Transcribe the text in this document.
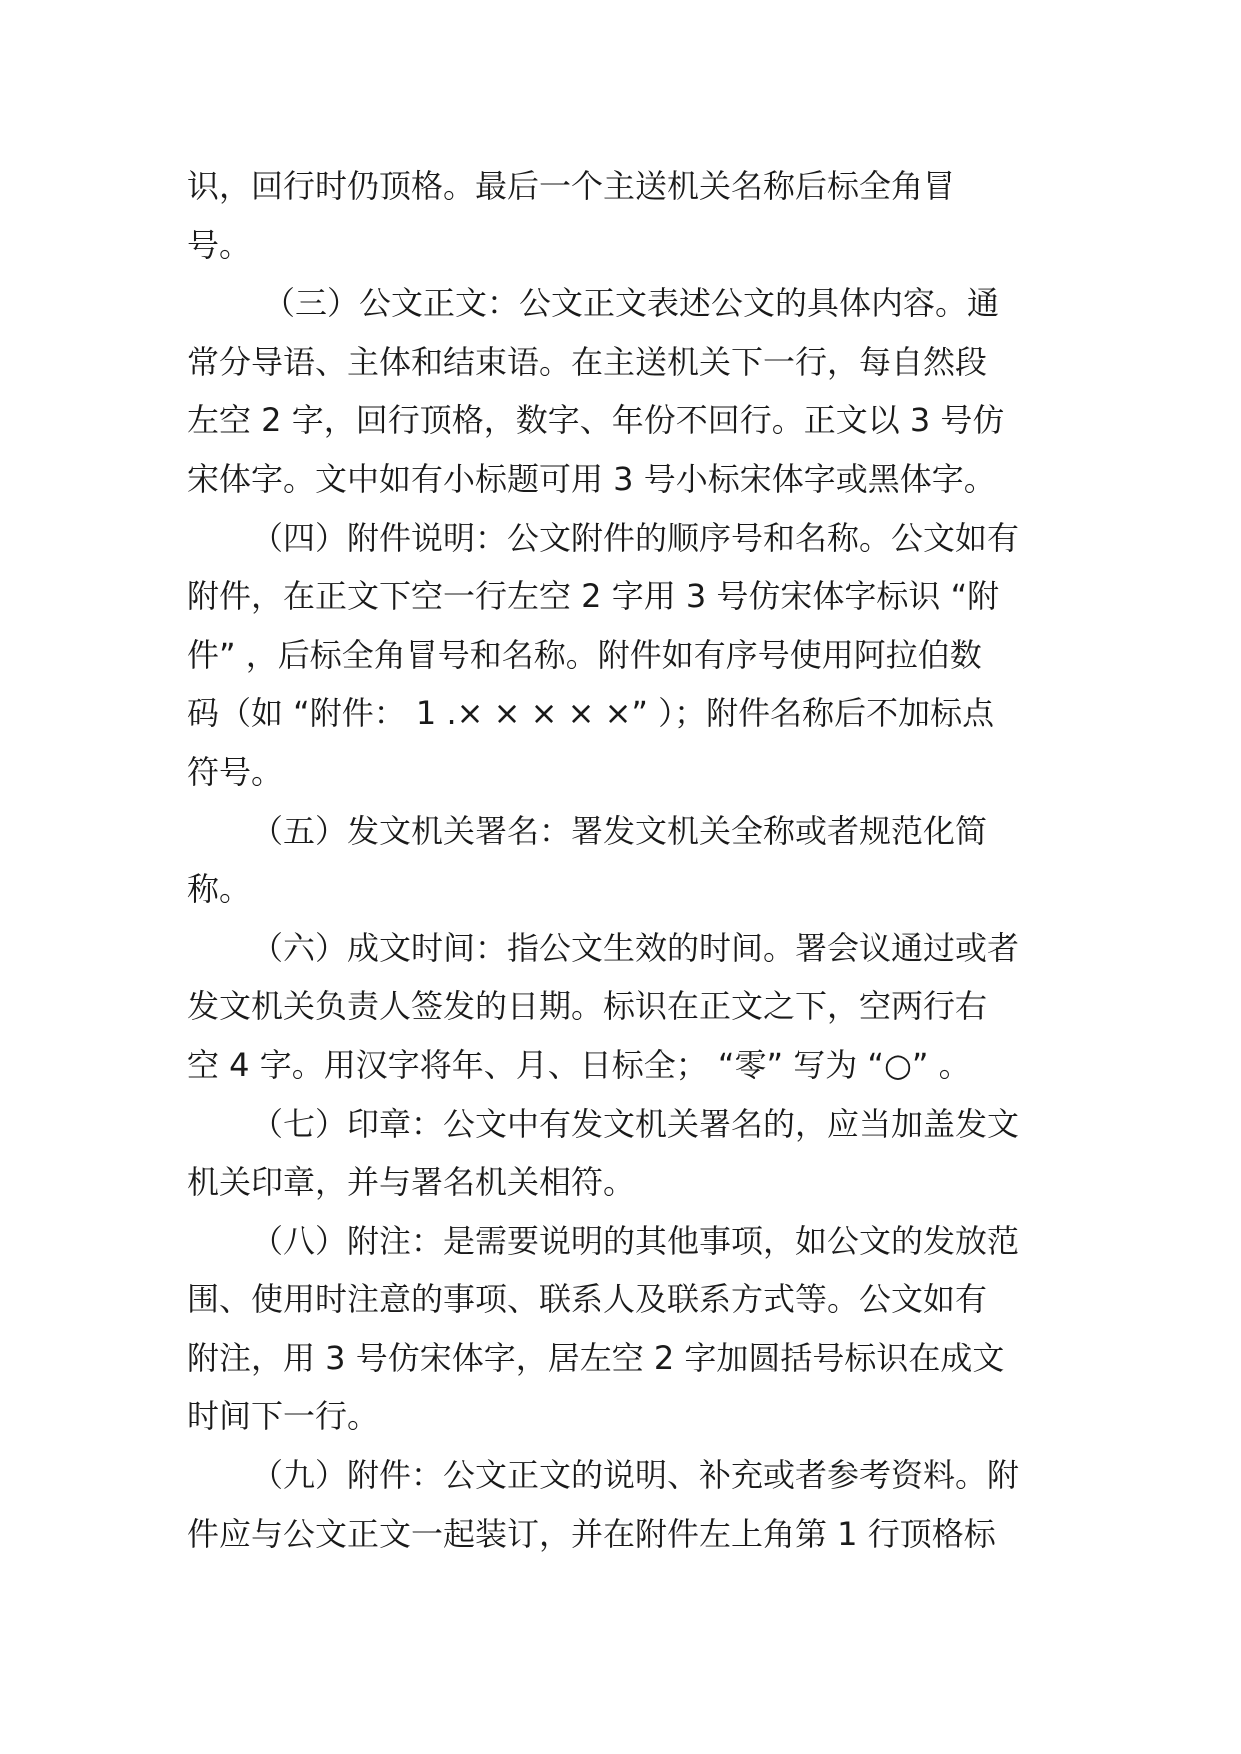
识，回行时仍顶格。最后一个主送机关名称后标全角冒
号。
（三）公文正文：公文正文表述公文的具体内容。通
常分导语、主体和结束语。在主送机关下一行，每自然段
左空 2 字，回行顶格，数字、年份不回行。正文以 3 号仿
宋体字。文中如有小标题可用 3 号小标宋体字或黑体字。
（四）附件说明：公文附件的顺序号和名称。公文如有
附件，在正文下空一行左空 2 字用 3 号仿宋体字标识 “附
件” ，后标全角冒号和名称。附件如有序号使用阿拉伯数
码（如 “附件： 1 .× × × × ×” ）；附件名称后不加标点
符号。
（五）发文机关署名：署发文机关全称或者规范化简
称。
（六）成文时间：指公文生效的时间。署会议通过或者
发文机关负责人签发的日期。标识在正文之下，空两行右
空 4 字。用汉字将年、月、日标全； “零” 写为 “○” 。
（七）印章：公文中有发文机关署名的，应当加盖发文
机关印章，并与署名机关相符。
（八）附注：是需要说明的其他事项，如公文的发放范
围、使用时注意的事项、联系人及联系方式等。公文如有
附注，用 3 号仿宋体字，居左空 2 字加圆括号标识在成文
时间下一行。
（九）附件：公文正文的说明、补充或者参考资料。附
件应与公文正文一起装订，并在附件左上角第 1 行顶格标
